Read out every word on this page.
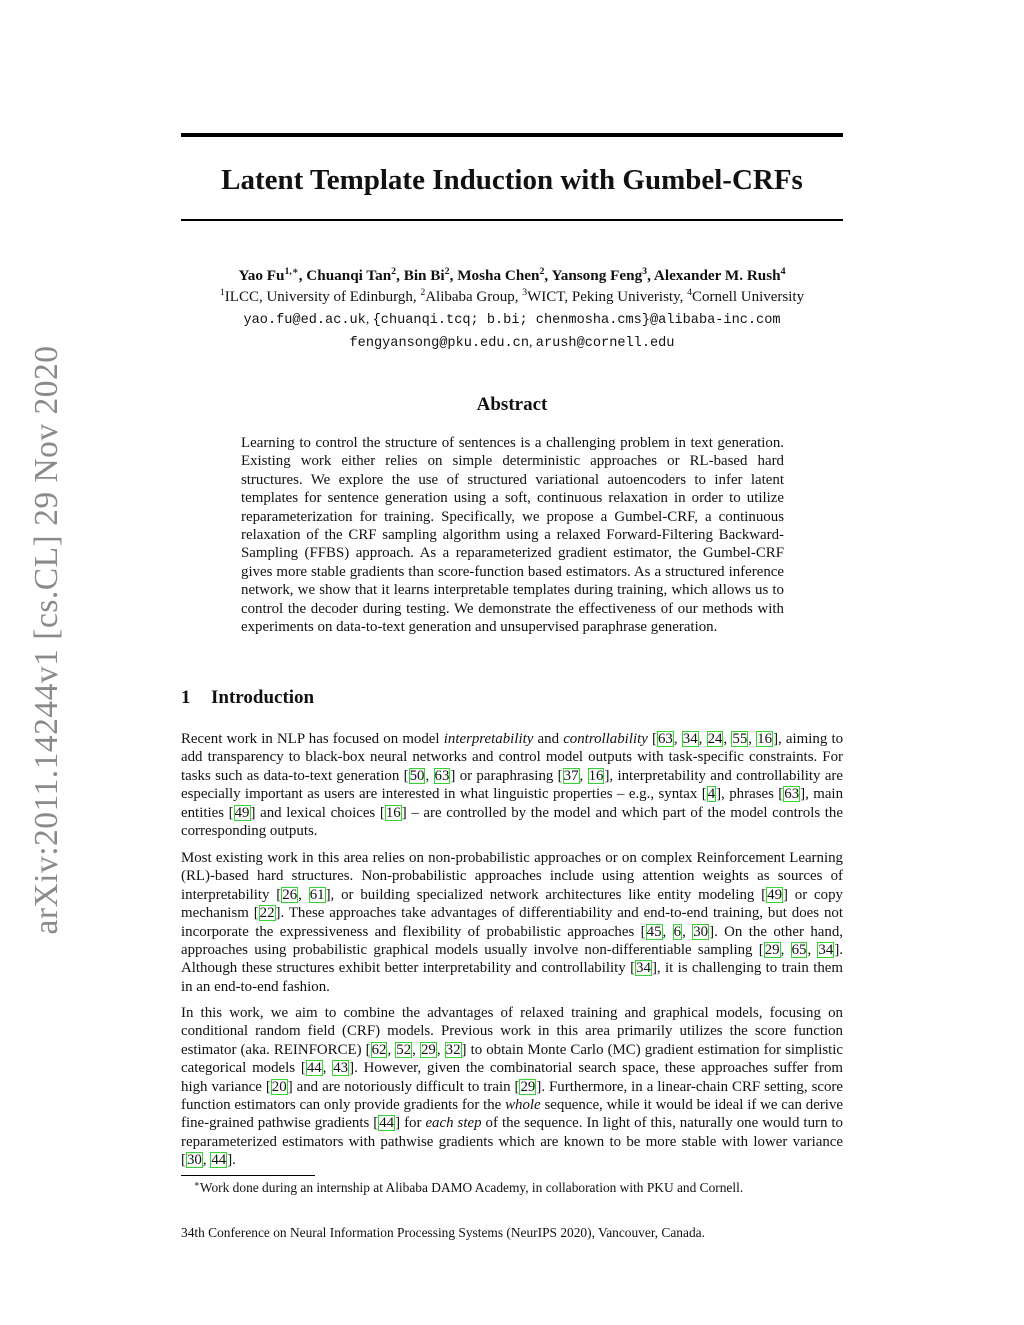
arXiv:2011.14244v1 [cs.CL] 29 Nov 2020
Latent Template Induction with Gumbel-CRFs
Yao $Fu^{1,∗}$, Chuanqi Tan$^2$, Bin Bi$^2$, Mosha Chen$^2$, Yansong Feng$^3$, Alexander M. Rush$^4$
$^1$ILCC, University of Edinburgh, $^2$Alibaba Group, $^3$WICT, Peking Univeristy, $^4$Cornell University
yao.fu@ed.ac.uk, {chuanqi.tcq; b.bi; chenmosha.cms}@alibaba-inc.com
fengyansong@pku.edu.cn, arush@cornell.edu
Abstract
Learning to control the structure of sentences is a challenging problem in text generation. Existing work either relies on simple deterministic approaches or RL-based hard structures. We explore the use of structured variational autoencoders to infer latent templates for sentence generation using a soft, continuous relaxation in order to utilize reparameterization for training. Specifically, we propose a Gumbel-CRF, a continuous relaxation of the CRF sampling algorithm using a relaxed Forward-Filtering Backward-Sampling (FFBS) approach. As a reparameterized gradient estimator, the Gumbel-CRF gives more stable gradients than score-function based estimators. As a structured inference network, we show that it learns interpretable templates during training, which allows us to control the decoder during testing. We demonstrate the effectiveness of our methods with experiments on data-to-text generation and unsupervised paraphrase generation.
1 Introduction
Recent work in NLP has focused on model interpretability and controllability [63, 34, 24, 55, 16], aiming to add transparency to black-box neural networks and control model outputs with task-specific constraints. For tasks such as data-to-text generation [50, 63] or paraphrasing [37, 16], interpretability and controllability are especially important as users are interested in what linguistic properties – e.g., syntax [4], phrases [63], main entities [49] and lexical choices [16] – are controlled by the model and which part of the model controls the corresponding outputs.
Most existing work in this area relies on non-probabilistic approaches or on complex Reinforcement Learning (RL)-based hard structures. Non-probabilistic approaches include using attention weights as sources of interpretability [26, 61], or building specialized network architectures like entity modeling [49] or copy mechanism [22]. These approaches take advantages of differentiability and end-to-end training, but does not incorporate the expressiveness and flexibility of probabilistic approaches [45, 6, 30]. On the other hand, approaches using probabilistic graphical models usually involve non-differentiable sampling [29, 65, 34]. Although these structures exhibit better interpretability and controllability [34], it is challenging to train them in an end-to-end fashion.
In this work, we aim to combine the advantages of relaxed training and graphical models, focusing on conditional random field (CRF) models. Previous work in this area primarily utilizes the score function estimator (aka. REINFORCE) [62, 52, 29, 32] to obtain Monte Carlo (MC) gradient estimation for simplistic categorical models [44, 43]. However, given the combinatorial search space, these approaches suffer from high variance [20] and are notoriously difficult to train [29]. Furthermore, in a linear-chain CRF setting, score function estimators can only provide gradients for the whole sequence, while it would be ideal if we can derive fine-grained pathwise gradients [44] for each step of the sequence. In light of this, naturally one would turn to reparameterized estimators with pathwise gradients which are known to be more stable with lower variance [30, 44].
∗Work done during an internship at Alibaba DAMO Academy, in collaboration with PKU and Cornell.
34th Conference on Neural Information Processing Systems (NeurIPS 2020), Vancouver, Canada.
